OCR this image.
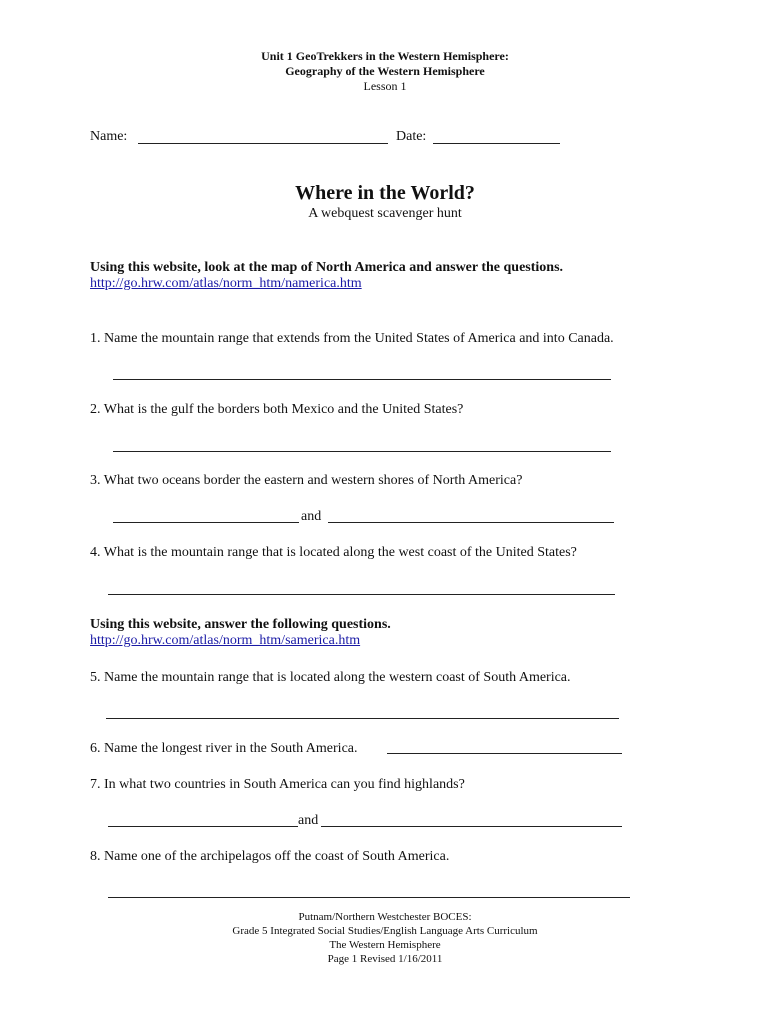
Unit 1 GeoTrekkers in the Western Hemisphere:
Geography of the Western Hemisphere
Lesson 1
Name:	Date:
Where in the World?
A webquest scavenger hunt
Using this website, look at the map of North America and answer the questions.
http://go.hrw.com/atlas/norm_htm/namerica.htm
1. Name the mountain range that extends from the United States of America and into Canada.
2. What is the gulf the borders both Mexico and the United States?
3. What two oceans border the eastern and western shores of North America?
and
4. What is the mountain range that is located along the west coast of the United States?
Using this website, answer the following questions.
http://go.hrw.com/atlas/norm_htm/samerica.htm
5. Name the mountain range that is located along the western coast of South America.
6. Name the longest river in the South America.
7. In what two countries in South America can you find highlands?
and
8. Name one of the archipelagos off the coast of South America.
Putnam/Northern Westchester BOCES:
Grade 5 Integrated Social Studies/English Language Arts Curriculum
The Western Hemisphere
Page 1 Revised 1/16/2011
